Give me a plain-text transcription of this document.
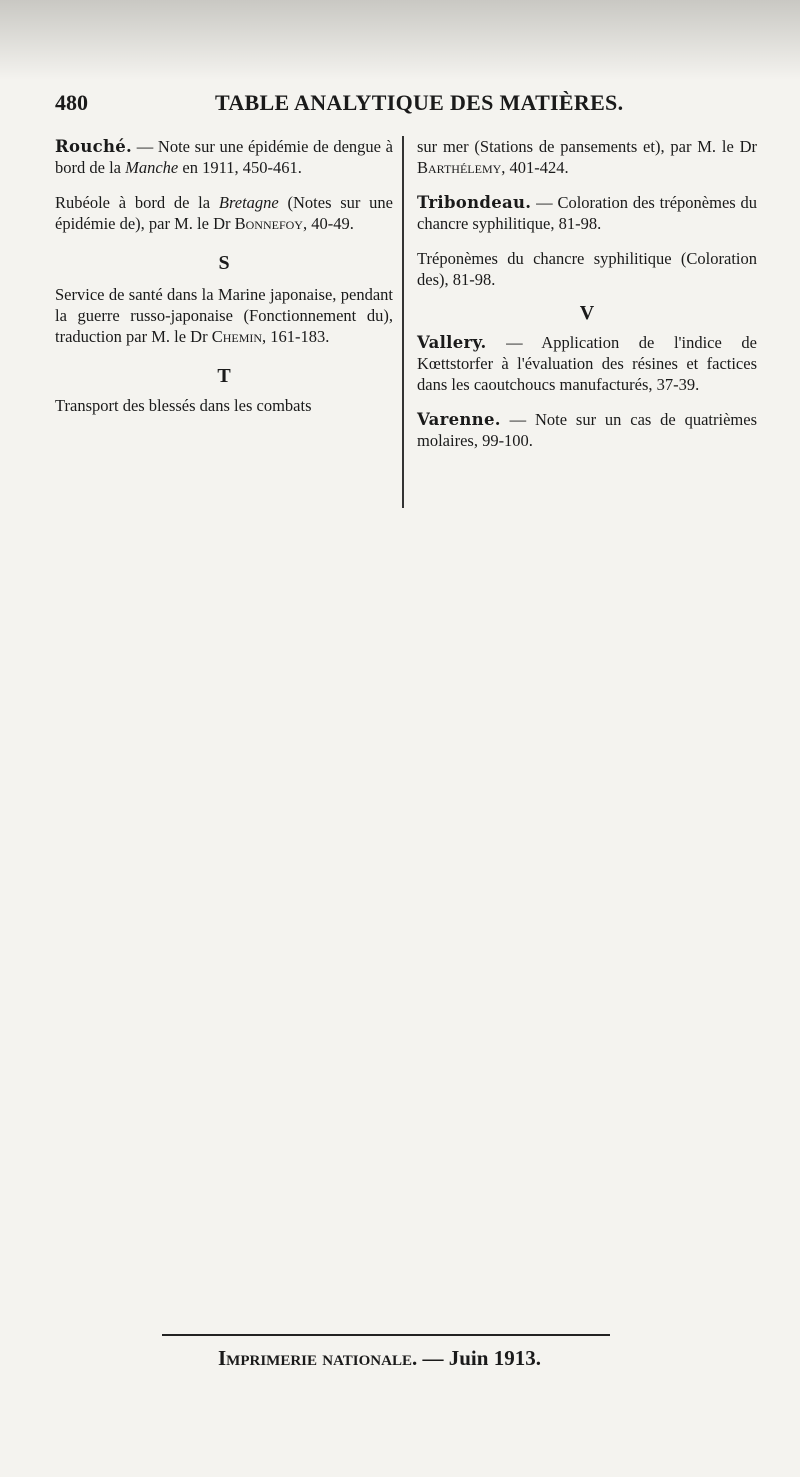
480	TABLE ANALYTIQUE DES MATIÈRES.

Rouché. — Note sur une épidémie de dengue à bord de la Manche en 1911, 450-461.

Rubéole à bord de la Bretagne (Notes sur une épidémie de), par M. le Dr Bonnefoy, 40-49.

S

Service de santé dans la Marine japonaise, pendant la guerre russo-japonaise (Fonctionnement du), traduction par M. le Dr Chemin, 161-183.

T

Transport des blessés dans les combats

sur mer (Stations de pansements et), par M. le Dr Barthélemy, 401-424.

Tribondeau. — Coloration des tréponèmes du chancre syphilitique, 81-98.

Tréponèmes du chancre syphilitique (Coloration des), 81-98.

V

Vallery. — Application de l'indice de Kœttstorfer à l'évaluation des résines et factices dans les caoutchoucs manufacturés, 37-39.

Varenne. — Note sur un cas de quatrièmes molaires, 99-100.

Imprimerie nationale. — Juin 1913.
